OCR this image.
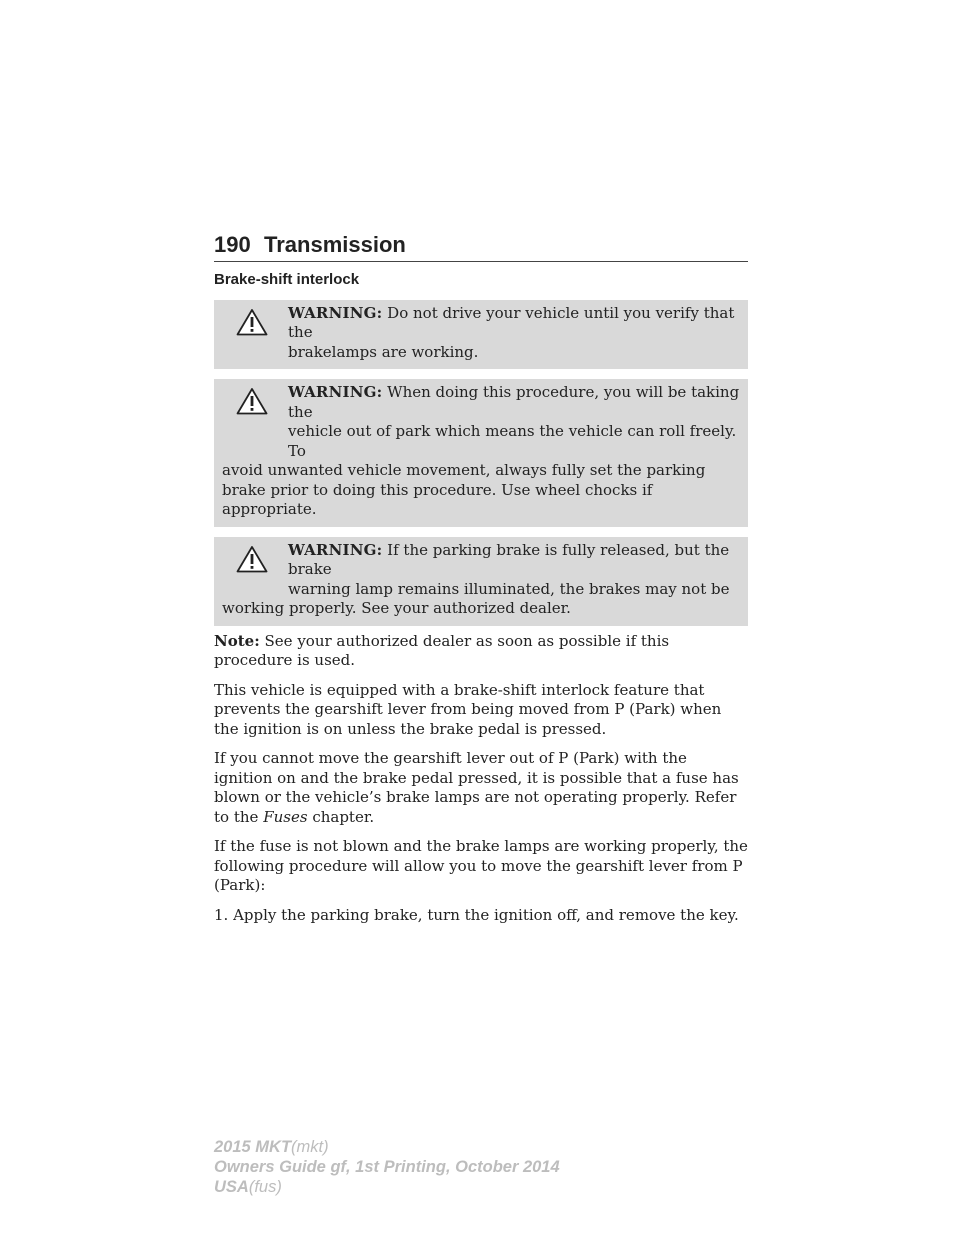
190 Transmission
Brake-shift interlock
WARNING: Do not drive your vehicle until you verify that the
brakelamps are working.
WARNING: When doing this procedure, you will be taking the
vehicle out of park which means the vehicle can roll freely. To
avoid unwanted vehicle movement, always fully set the parking brake prior to doing this procedure. Use wheel chocks if appropriate.
WARNING: If the parking brake is fully released, but the brake
warning lamp remains illuminated, the brakes may not be
working properly. See your authorized dealer.

Note: See your authorized dealer as soon as possible if this procedure is used.

This vehicle is equipped with a brake-shift interlock feature that prevents the gearshift lever from being moved from P (Park) when the ignition is on unless the brake pedal is pressed.

If you cannot move the gearshift lever out of P (Park) with the ignition on and the brake pedal pressed, it is possible that a fuse has blown or the vehicle’s brake lamps are not operating properly. Refer to the Fuses chapter.

If the fuse is not blown and the brake lamps are working properly, the following procedure will allow you to move the gearshift lever from P (Park):

1. Apply the parking brake, turn the ignition off, and remove the key.

2015 MKT(mkt)
Owners Guide gf, 1st Printing, October 2014
USA(fus)
